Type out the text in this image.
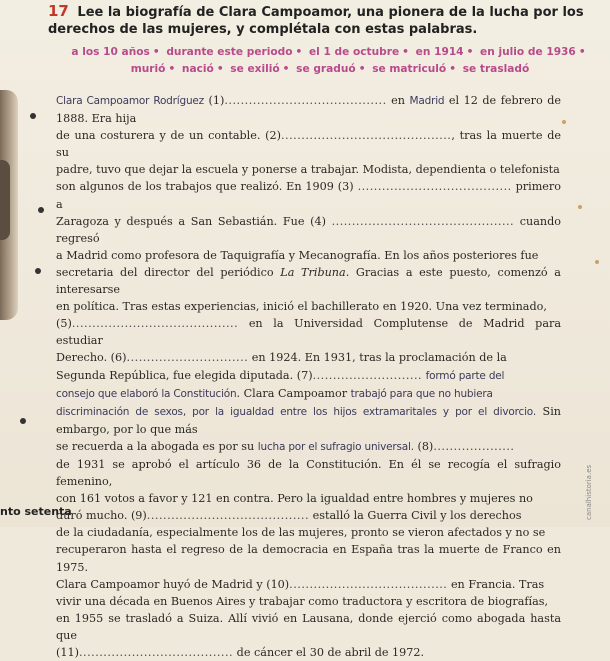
17 Lee la biografía de Clara Campoamor, una pionera de la lucha por los derechos de las mujeres, y complétala con estas palabras.
a los 10 años • durante este periodo • el 1 de octubre • en 1914 • en julio de 1936 •
murió • nació • se exilió • se graduó • se matriculó • se trasladó
Clara Campoamor Rodríguez (1)........................................ en Madrid el 12 de febrero de 1888. Era hija
de una costurera y de un contable. (2).........................................., tras la muerte de su
padre, tuvo que dejar la escuela y ponerse a trabajar. Modista, dependienta o telefonista
son algunos de los trabajos que realizó. En 1909 (3) ...................................... primero a
Zaragoza y después a San Sebastián. Fue (4) ............................................. cuando regresó
a Madrid como profesora de Taquigrafía y Mecanografía. En los años posteriores fue
secretaria del director del periódico La Tribuna. Gracias a este puesto, comenzó a interesarse
en política. Tras estas experiencias, inició el bachillerato en 1920. Una vez terminado,
(5)......................................... en la Universidad Complutense de Madrid para estudiar
Derecho. (6).............................. en 1924. En 1931, tras la proclamación de la
Segunda República, fue elegida diputada. (7)........................... formó parte del
consejo que elaboró la Constitución. Clara Campoamor trabajó para que no hubiera
discriminación de sexos, por la igualdad entre los hijos extramaritales y por el divorcio. Sin embargo, por lo que más
se recuerda a la abogada es por su lucha por el sufragio universal. (8)....................
de 1931 se aprobó el artículo 36 de la Constitución. En él se recogía el sufragio femenino,
con 161 votos a favor y 121 en contra. Pero la igualdad entre hombres y mujeres no
duró mucho. (9)........................................ estalló la Guerra Civil y los derechos
de la ciudadanía, especialmente los de las mujeres, pronto se vieron afectados y no se
recuperaron hasta el regreso de la democracia en España tras la muerte de Franco en 1975.
Clara Campoamor huyó de Madrid y (10)....................................... en Francia. Tras
vivir una década en Buenos Aires y trabajar como traductora y escritora de biografías,
en 1955 se trasladó a Suiza. Allí vivió en Lausana, donde ejerció como abogada hasta que
(11)...................................... de cáncer el 30 de abril de 1972.
canalhistoria.es
nto setenta
